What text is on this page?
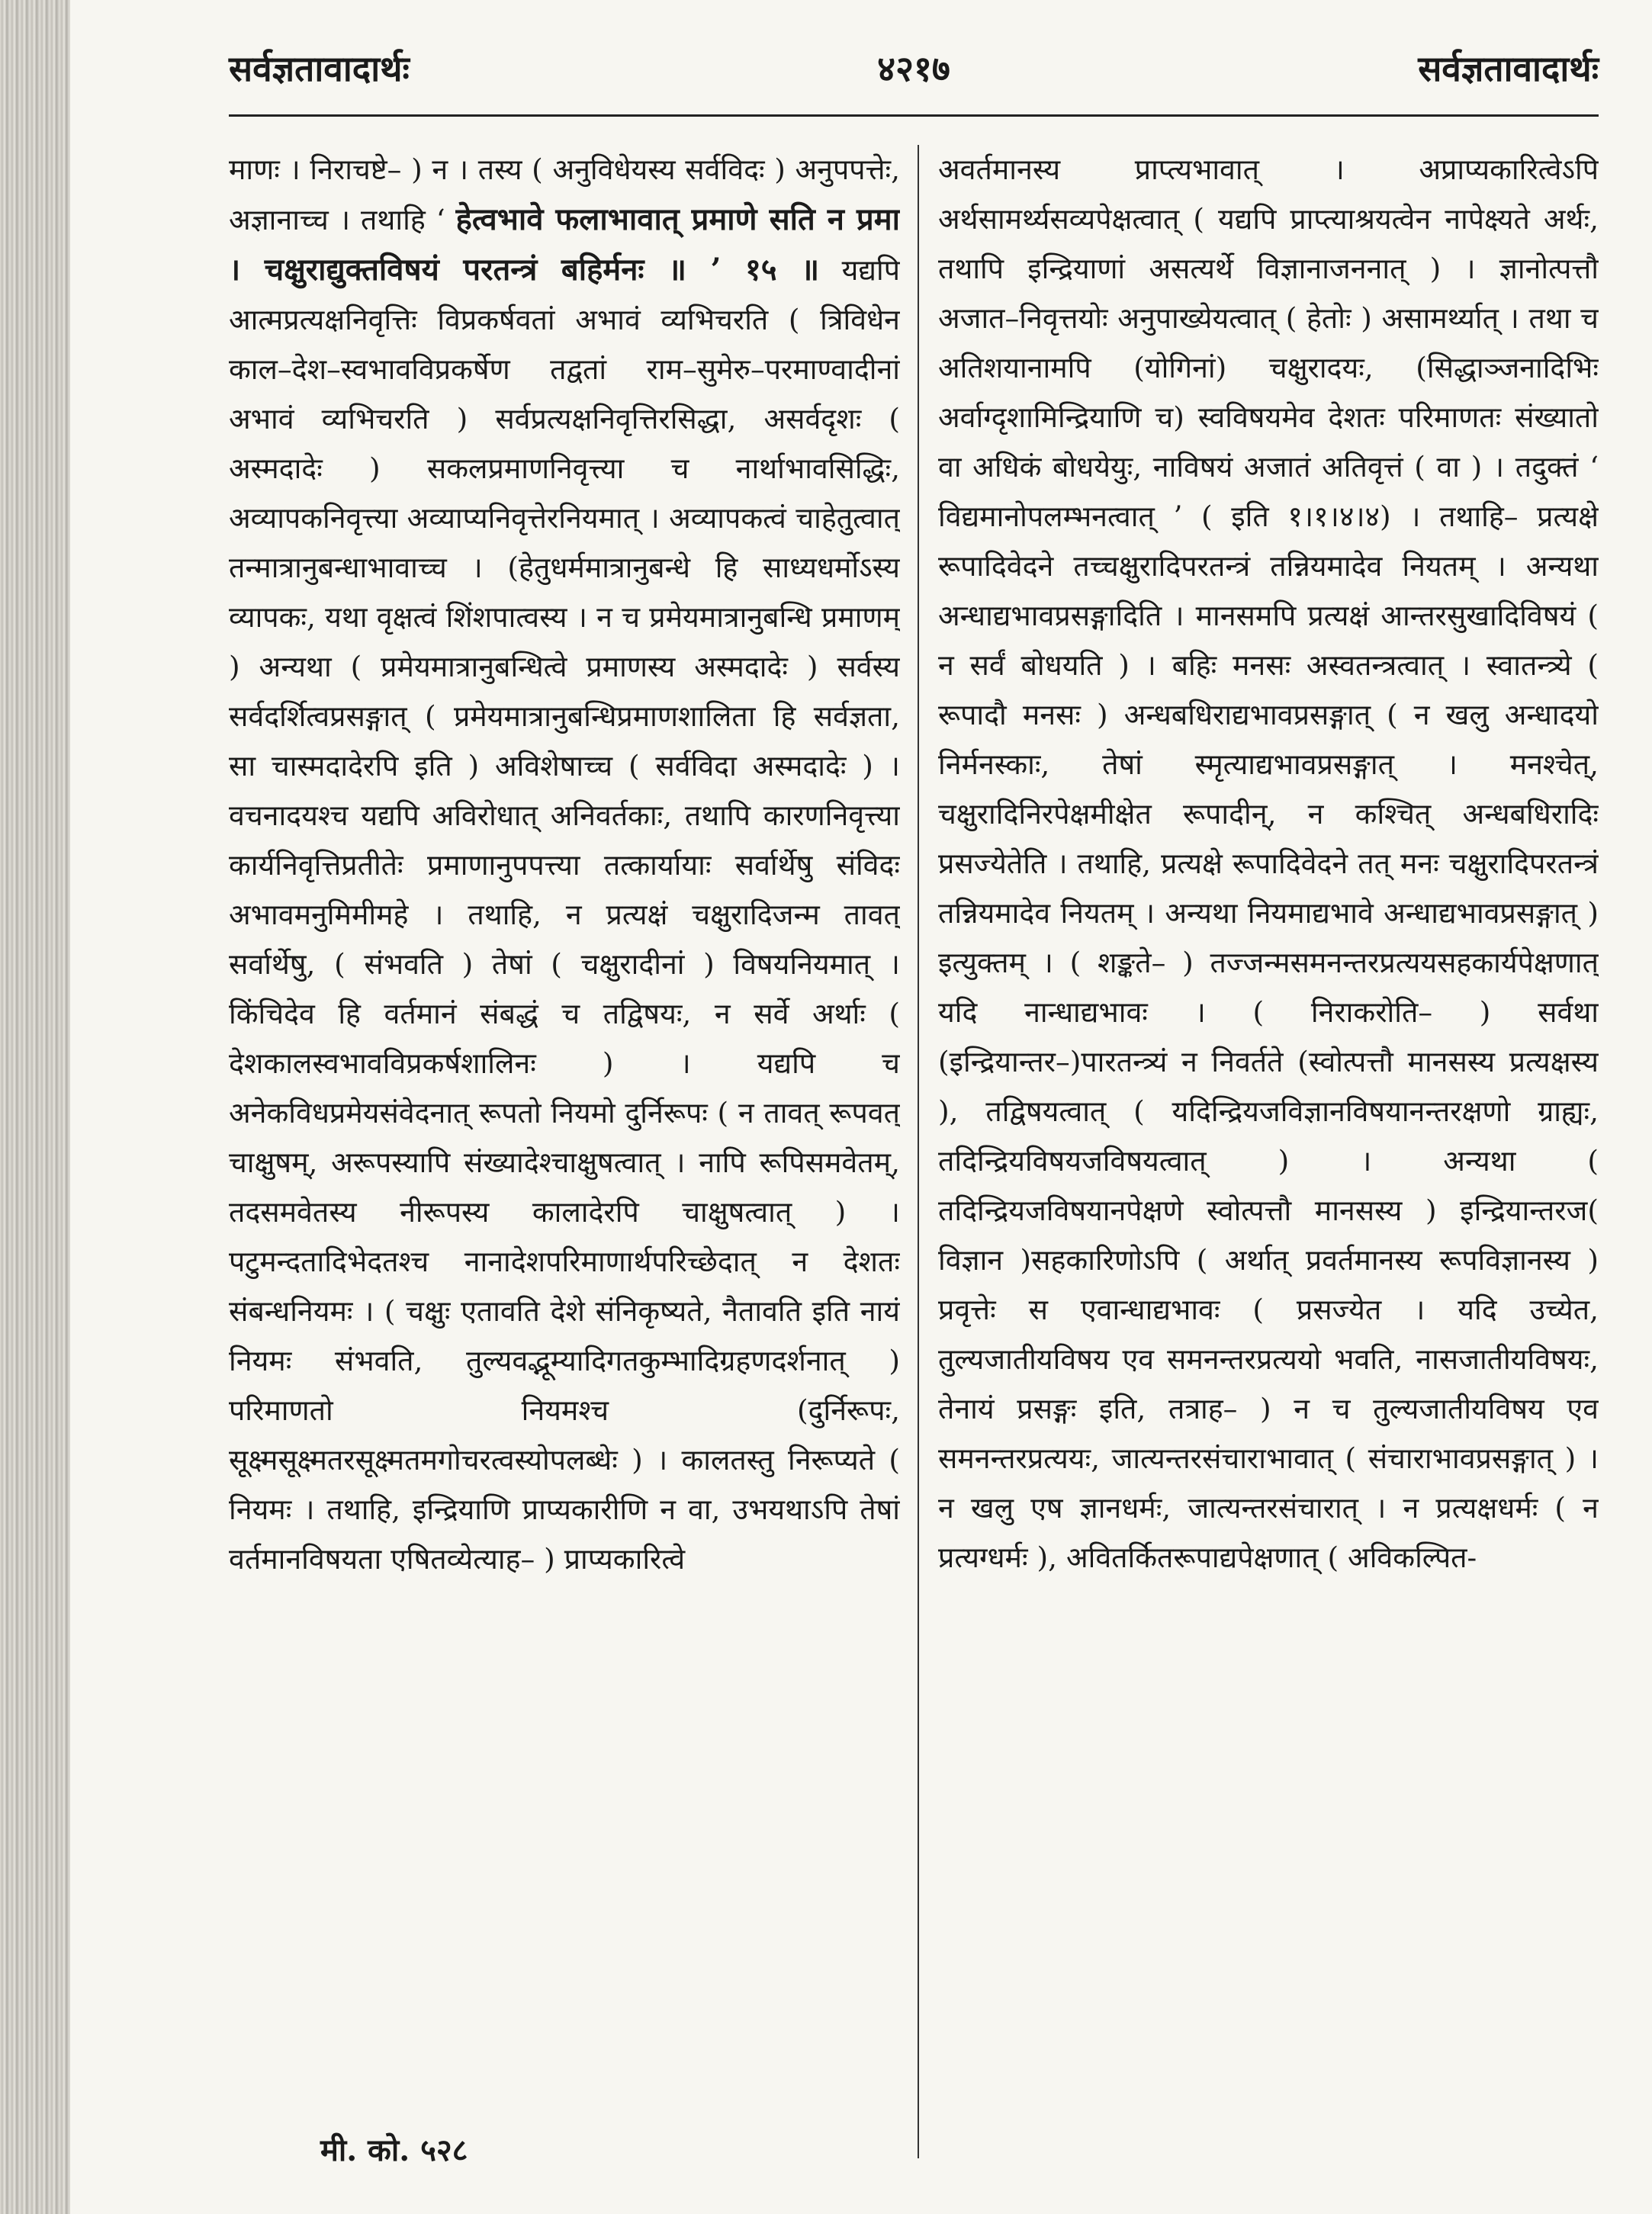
सर्वज्ञतावादार्थः	४२१७	सर्वज्ञतावादार्थः

माणः । निराचष्टे– ) न । तस्य ( अनुविधेयस्य सर्वविदः ) अनुपपत्तेः, अज्ञानाच्च । तथाहि ‘ हेत्वभावे फलाभावात् प्रमाणे सति न प्रमा । चक्षुराद्युक्तविषयं परतन्त्रं बहिर्मनः ॥ ’ १५ ॥ यद्यपि आत्मप्रत्यक्षनिवृत्तिः विप्रकर्षवतां अभावं व्यभिचरति ( त्रिविधेन काल–देश–स्वभावविप्रकर्षेण तद्वतां राम–सुमेरु–परमाण्वादीनां अभावं व्यभिचरति ) सर्वप्रत्यक्षनिवृत्तिरसिद्धा, असर्वदृशः ( अस्मदादेः ) सकलप्रमाणनिवृत्त्या च नार्थाभावसिद्धिः, अव्यापकनिवृत्त्या अव्याप्यनिवृत्तेरनियमात् । अव्यापकत्वं चाहेतुत्वात् तन्मात्रानुबन्धाभावाच्च । (हेतुधर्ममात्रानुबन्धे हि साध्यधर्मोऽस्य व्यापकः, यथा वृक्षत्वं शिंशपात्वस्य । न च प्रमेयमात्रानुबन्धि प्रमाणम् ) अन्यथा ( प्रमेयमात्रानुबन्धित्वे प्रमाणस्य अस्मदादेः ) सर्वस्य सर्वदर्शित्वप्रसङ्गात् ( प्रमेयमात्रानुबन्धिप्रमाणशालिता हि सर्वज्ञता, सा चास्मदादेरपि इति ) अविशेषाच्च ( सर्वविदा अस्मदादेः ) । वचनादयश्च यद्यपि अविरोधात् अनिवर्तकाः, तथापि कारणनिवृत्त्या कार्यनिवृत्तिप्रतीतेः प्रमाणानुपपत्त्या तत्कार्यायाः सर्वार्थेषु संविदः अभावमनुमिमीमहे । तथाहि, न प्रत्यक्षं चक्षुरादिजन्म तावत् सर्वार्थेषु, ( संभवति ) तेषां ( चक्षुरादीनां ) विषयनियमात् । किंचिदेव हि वर्तमानं संबद्धं च तद्विषयः, न सर्वे अर्थाः ( देशकालस्वभावविप्रकर्षशालिनः ) । यद्यपि च अनेकविधप्रमेयसंवेदनात् रूपतो नियमो दुर्निरूपः ( न तावत् रूपवत् चाक्षुषम्, अरूपस्यापि संख्यादेश्चाक्षुषत्वात् । नापि रूपिसमवेतम्, तदसमवेतस्य नीरूपस्य कालादेरपि चाक्षुषत्वात् ) । पटुमन्दतादिभेदतश्च नानादेशपरिमाणार्थपरिच्छेदात् न देशतः संबन्धनियमः । ( चक्षुः एतावति देशे संनिकृष्यते, नैतावति इति नायं नियमः संभवति, तुल्यवद्भूम्यादिगतकुम्भादिग्रहणदर्शनात् ) परिमाणतो नियमश्च (दुर्निरूपः, सूक्ष्मसूक्ष्मतरसूक्ष्मतमगोचरत्वस्योपलब्धेः ) । कालतस्तु निरूप्यते ( नियमः । तथाहि, इन्द्रियाणि प्राप्यकारीणि न वा, उभयथाऽपि तेषां वर्तमानविषयता एषितव्येत्याह– ) प्राप्यकारित्वे

अवर्तमानस्य प्राप्त्यभावात् । अप्राप्यकारित्वेऽपि अर्थसामर्थ्यसव्यपेक्षत्वात् ( यद्यपि प्राप्त्याश्रयत्वेन नापेक्ष्यते अर्थः, तथापि इन्द्रियाणां असत्यर्थे विज्ञानाजननात् ) । ज्ञानोत्पत्तौ अजात–निवृत्तयोः अनुपाख्येयत्वात् ( हेतोः ) असामर्थ्यात् । तथा च अतिशयानामपि (योगिनां) चक्षुरादयः, (सिद्धाञ्जनादिभिः अर्वाग्दृशामिन्द्रियाणि च) स्वविषयमेव देशतः परिमाणतः संख्यातो वा अधिकं बोधयेयुः, नाविषयं अजातं अतिवृत्तं ( वा ) । तदुक्तं ‘ विद्यमानोपलम्भनत्वात् ’ ( इति १।१।४।४) । तथाहि– प्रत्यक्षे रूपादिवेदने तच्चक्षुरादिपरतन्त्रं तन्नियमादेव नियतम् । अन्यथा अन्धाद्यभावप्रसङ्गादिति । मानसमपि प्रत्यक्षं आन्तरसुखादिविषयं ( न सर्वं बोधयति ) । बहिः मनसः अस्वतन्त्रत्वात् । स्वातन्त्र्ये ( रूपादौ मनसः ) अन्धबधिराद्यभावप्रसङ्गात् ( न खलु अन्धादयो निर्मनस्काः, तेषां स्मृत्याद्यभावप्रसङ्गात् । मनश्चेत्, चक्षुरादिनिरपेक्षमीक्षेत रूपादीन्, न कश्चित् अन्धबधिरादिः प्रसज्येतेति । तथाहि, प्रत्यक्षे रूपादिवेदने तत् मनः चक्षुरादिपरतन्त्रं तन्नियमादेव नियतम् । अन्यथा नियमाद्यभावे अन्धाद्यभावप्रसङ्गात् ) इत्युक्तम् । ( शङ्कते– ) तज्जन्मसमनन्तरप्रत्ययसहकार्यपेक्षणात् यदि नान्धाद्यभावः । ( निराकरोति– ) सर्वथा (इन्द्रियान्तर–)पारतन्त्र्यं न निवर्तते (स्वोत्पत्तौ मानसस्य प्रत्यक्षस्य ), तद्विषयत्वात् ( यदिन्द्रियजविज्ञानविषयानन्तरक्षणो ग्राह्यः, तदिन्द्रियविषयजविषयत्वात् ) । अन्यथा ( तदिन्द्रियजविषयानपेक्षणे स्वोत्पत्तौ मानसस्य ) इन्द्रियान्तरज( विज्ञान )सहकारिणोऽपि ( अर्थात् प्रवर्तमानस्य रूपविज्ञानस्य ) प्रवृत्तेः स एवान्धाद्यभावः ( प्रसज्येत । यदि उच्येत, तुल्यजातीयविषय एव समनन्तरप्रत्ययो भवति, नासजातीयविषयः, तेनायं प्रसङ्गः इति, तत्राह– ) न च तुल्यजातीयविषय एव समनन्तरप्रत्ययः, जात्यन्तरसंचाराभावात् ( संचाराभावप्रसङ्गात् ) । न खलु एष ज्ञानधर्मः, जात्यन्तरसंचारात् । न प्रत्यक्षधर्मः ( न प्रत्यग्धर्मः ), अवितर्कितरूपाद्यपेक्षणात् ( अविकल्पित-

मी. को. ५२८
